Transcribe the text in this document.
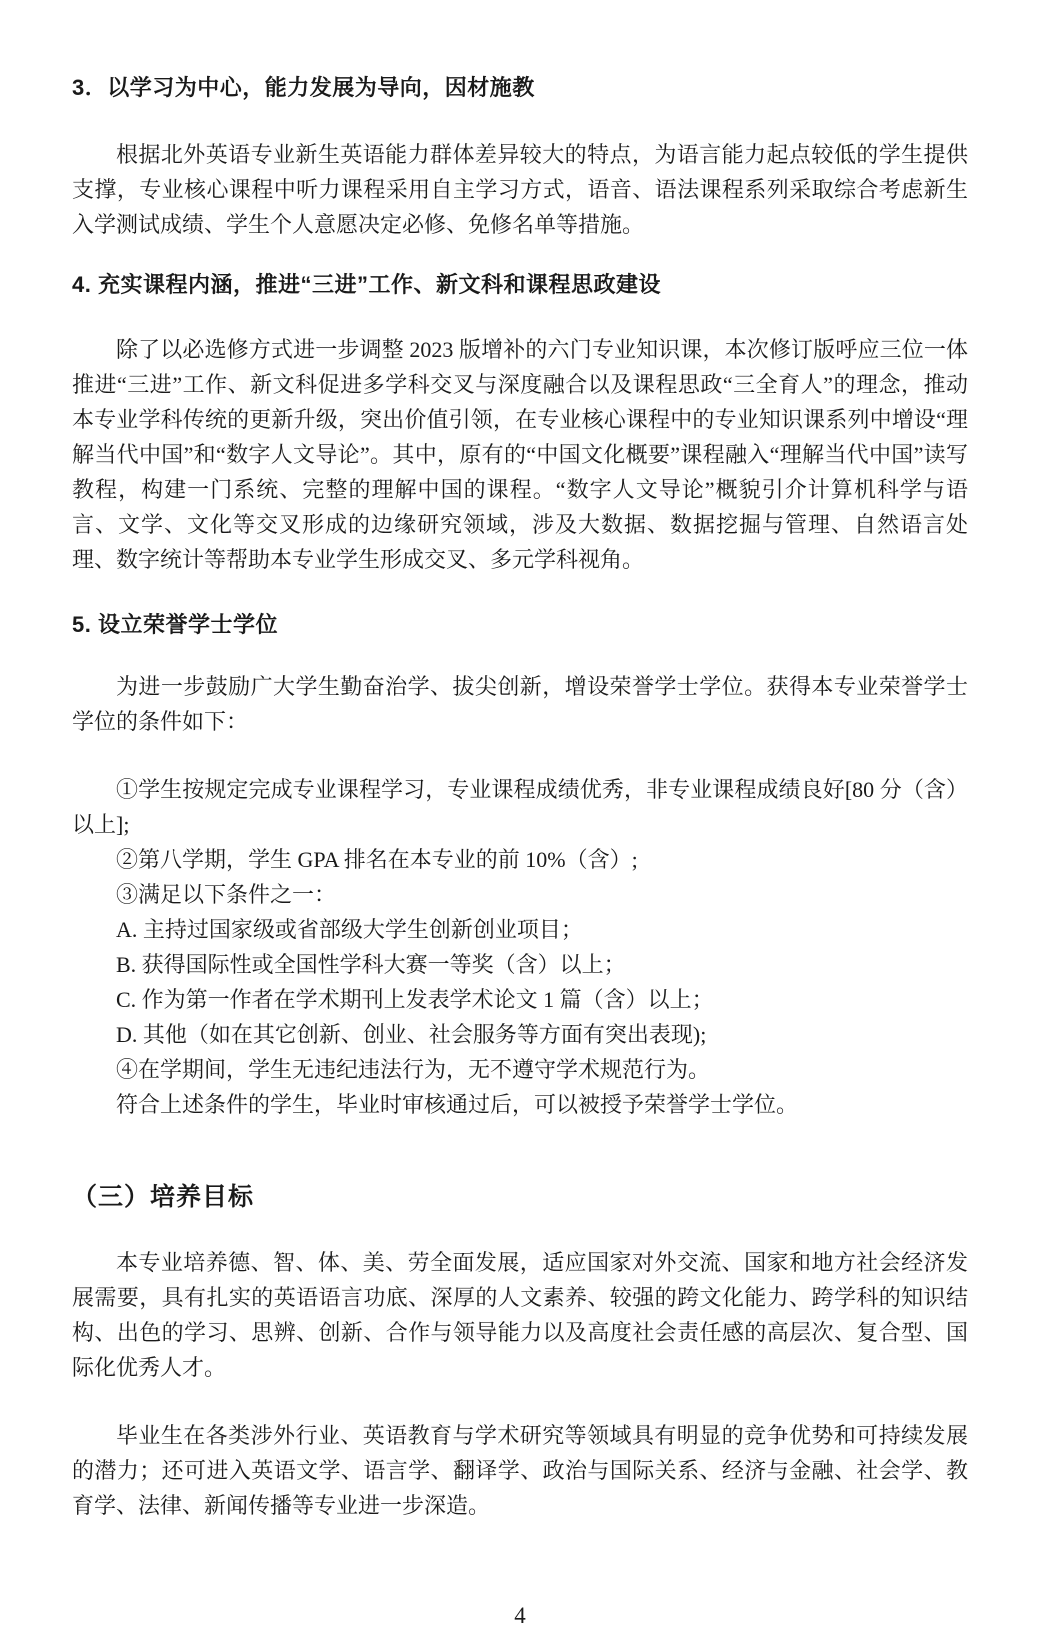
3．以学习为中心，能力发展为导向，因材施教

根据北外英语专业新生英语能力群体差异较大的特点，为语言能力起点较低的学生提供支撑，专业核心课程中听力课程采用自主学习方式，语音、语法课程系列采取综合考虑新生入学测试成绩、学生个人意愿决定必修、免修名单等措施。

4. 充实课程内涵，推进“三进”工作、新文科和课程思政建设

除了以必选修方式进一步调整 2023 版增补的六门专业知识课，本次修订版呼应三位一体推进“三进”工作、新文科促进多学科交叉与深度融合以及课程思政“三全育人”的理念，推动本专业学科传统的更新升级，突出价值引领，在专业核心课程中的专业知识课系列中增设“理解当代中国”和“数字人文导论”。其中，原有的“中国文化概要”课程融入“理解当代中国”读写教程，构建一门系统、完整的理解中国的课程。“数字人文导论”概貌引介计算机科学与语言、文学、文化等交叉形成的边缘研究领域，涉及大数据、数据挖掘与管理、自然语言处理、数字统计等帮助本专业学生形成交叉、多元学科视角。

5. 设立荣誉学士学位

为进一步鼓励广大学生勤奋治学、拔尖创新，增设荣誉学士学位。获得本专业荣誉学士学位的条件如下：

①学生按规定完成专业课程学习，专业课程成绩优秀，非专业课程成绩良好[80 分（含）以上];

②第八学期，学生 GPA 排名在本专业的前 10%（含）;

③满足以下条件之一：

A. 主持过国家级或省部级大学生创新创业项目；

B. 获得国际性或全国性学科大赛一等奖（含）以上；

C. 作为第一作者在学术期刊上发表学术论文 1 篇（含）以上；

D. 其他（如在其它创新、创业、社会服务等方面有突出表现);

④在学期间，学生无违纪违法行为，无不遵守学术规范行为。

符合上述条件的学生，毕业时审核通过后，可以被授予荣誉学士学位。

（三）培养目标

本专业培养德、智、体、美、劳全面发展，适应国家对外交流、国家和地方社会经济发展需要，具有扎实的英语语言功底、深厚的人文素养、较强的跨文化能力、跨学科的知识结构、出色的学习、思辨、创新、合作与领导能力以及高度社会责任感的高层次、复合型、国际化优秀人才。

毕业生在各类涉外行业、英语教育与学术研究等领域具有明显的竞争优势和可持续发展的潜力；还可进入英语文学、语言学、翻译学、政治与国际关系、经济与金融、社会学、教育学、法律、新闻传播等专业进一步深造。

4
